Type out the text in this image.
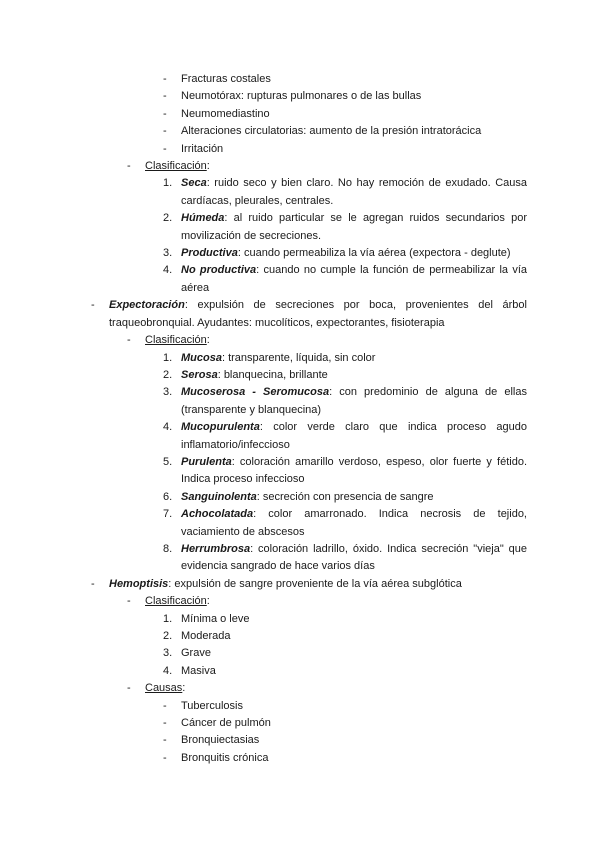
- Fracturas costales
- Neumotórax: rupturas pulmonares o de las bullas
- Neumomediastino
- Alteraciones circulatorias: aumento de la presión intratorácica
- Irritación
- Clasificación:
1. Seca: ruido seco y bien claro. No hay remoción de exudado. Causa cardíacas, pleurales, centrales.
2. Húmeda: al ruido particular se le agregan ruidos secundarios por movilización de secreciones.
3. Productiva: cuando permeabiliza la vía aérea (expectora - deglute)
4. No productiva: cuando no cumple la función de permeabilizar la vía aérea
- Expectoración: expulsión de secreciones por boca, provenientes del árbol traqueobronquial. Ayudantes: mucolíticos, expectorantes, fisioterapia
- Clasificación:
1. Mucosa: transparente, líquida, sin color
2. Serosa: blanquecina, brillante
3. Mucoserosa - Seromucosa: con predominio de alguna de ellas (transparente y blanquecina)
4. Mucopurulenta: color verde claro que indica proceso agudo inflamatorio/infeccioso
5. Purulenta: coloración amarillo verdoso, espeso, olor fuerte y fétido. Indica proceso infeccioso
6. Sanguinolenta: secreción con presencia de sangre
7. Achocolatada: color amarronado. Indica necrosis de tejido, vaciamiento de abscesos
8. Herrumbrosa: coloración ladrillo, óxido. Indica secreción "vieja" que evidencia sangrado de hace varios días
- Hemoptisis: expulsión de sangre proveniente de la vía aérea subglótica
- Clasificación:
1. Mínima o leve
2. Moderada
3. Grave
4. Masiva
- Causas:
- Tuberculosis
- Cáncer de pulmón
- Bronquiectasias
- Bronquitis crónica
